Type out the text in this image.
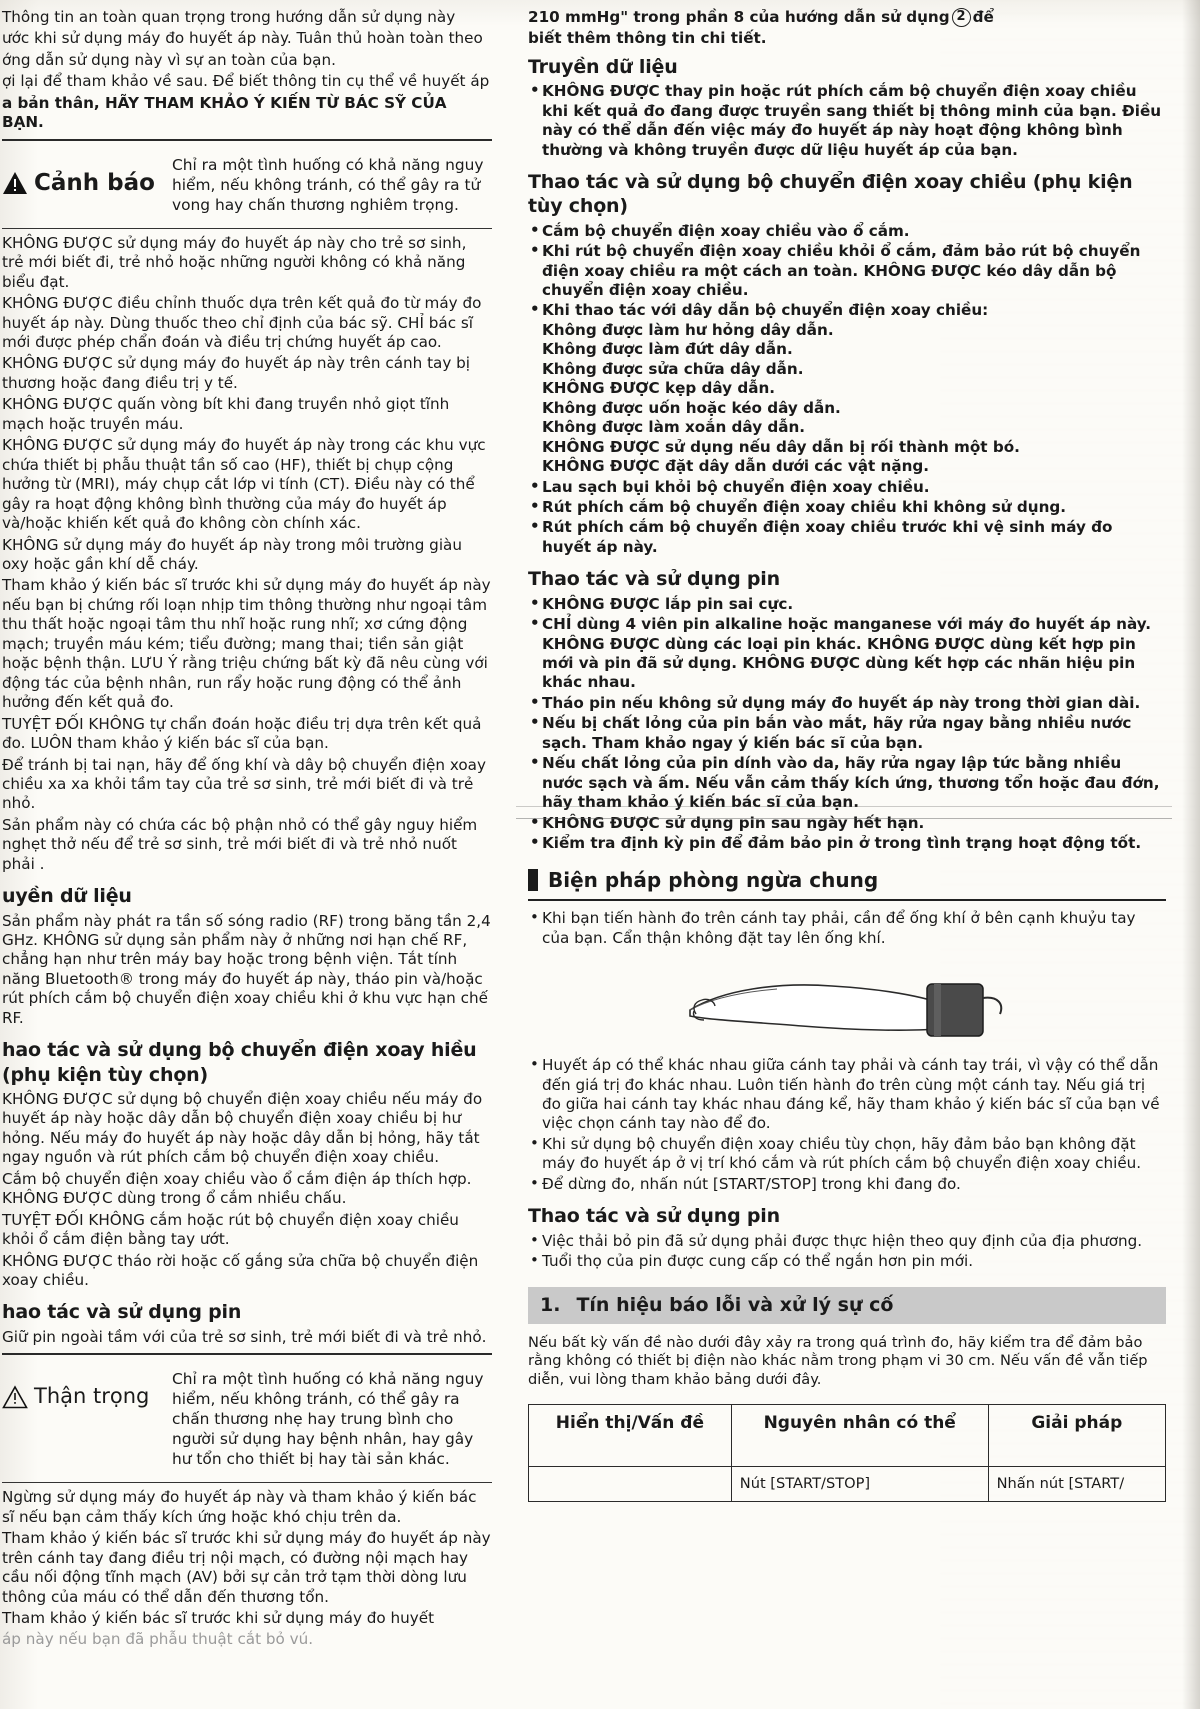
Thông tin an toàn quan trọng trong hướng dẫn sử dụng này

ước khi sử dụng máy đo huyết áp này. Tuân thủ hoàn toàn theo

ớng dẫn sử dụng này vì sự an toàn của bạn.

ợi lại để tham khảo về sau. Để biết thông tin cụ thể về huyết áp

a bản thân, HÃY THAM KHẢO Ý KIẾN TỪ BÁC SỸ CỦA BẠN.

Cảnh báo
Chỉ ra một tình huống có khả năng nguy hiểm, nếu không tránh, có thể gây ra tử vong hay chấn thương nghiêm trọng.

KHÔNG ĐƯỢC sử dụng máy đo huyết áp này cho trẻ sơ sinh, trẻ mới biết đi, trẻ nhỏ hoặc những người không có khả năng biểu đạt.

KHÔNG ĐƯỢC điều chỉnh thuốc dựa trên kết quả đo từ máy đo huyết áp này. Dùng thuốc theo chỉ định của bác sỹ. CHỈ bác sĩ mới được phép chẩn đoán và điều trị chứng huyết áp cao.

KHÔNG ĐƯỢC sử dụng máy đo huyết áp này trên cánh tay bị thương hoặc đang điều trị y tế.

KHÔNG ĐƯỢC quấn vòng bít khi đang truyền nhỏ giọt tĩnh mạch hoặc truyền máu.

KHÔNG ĐƯỢC sử dụng máy đo huyết áp này trong các khu vực chứa thiết bị phẫu thuật tần số cao (HF), thiết bị chụp cộng hưởng từ (MRI), máy chụp cắt lớp vi tính (CT). Điều này có thể gây ra hoạt động không bình thường của máy đo huyết áp và/hoặc khiến kết quả đo không còn chính xác.

KHÔNG sử dụng máy đo huyết áp này trong môi trường giàu oxy hoặc gần khí dễ cháy.

Tham khảo ý kiến bác sĩ trước khi sử dụng máy đo huyết áp này nếu bạn bị chứng rối loạn nhịp tim thông thường như ngoại tâm thu thất hoặc ngoại tâm thu nhĩ hoặc rung nhĩ; xơ cứng động mạch; truyền máu kém; tiểu đường; mang thai; tiền sản giật hoặc bệnh thận. LƯU Ý rằng triệu chứng bất kỳ đã nêu cùng với động tác của bệnh nhân, run rẩy hoặc rung động có thể ảnh hưởng đến kết quả đo.

TUYỆT ĐỐI KHÔNG tự chẩn đoán hoặc điều trị dựa trên kết quả đo. LUÔN tham khảo ý kiến bác sĩ của bạn.

Để tránh bị tai nạn, hãy để ống khí và dây bộ chuyển điện xoay chiều xa xa khỏi tầm tay của trẻ sơ sinh, trẻ mới biết đi và trẻ nhỏ.

Sản phẩm này có chứa các bộ phận nhỏ có thể gây nguy hiểm nghẹt thở nếu để trẻ sơ sinh, trẻ mới biết đi và trẻ nhỏ nuốt phải .

uyền dữ liệu

Sản phẩm này phát ra tần số sóng radio (RF) trong băng tần 2,4 GHz. KHÔNG sử dụng sản phẩm này ở những nơi hạn chế RF, chẳng hạn như trên máy bay hoặc trong bệnh viện. Tắt tính năng Bluetooth® trong máy đo huyết áp này, tháo pin và/hoặc rút phích cắm bộ chuyển điện xoay chiều khi ở khu vực hạn chế RF.

hao tác và sử dụng bộ chuyển điện xoay hiều (phụ kiện tùy chọn)

KHÔNG ĐƯỢC sử dụng bộ chuyển điện xoay chiều nếu máy đo huyết áp này hoặc dây dẫn bộ chuyển điện xoay chiều bị hư hỏng. Nếu máy đo huyết áp này hoặc dây dẫn bị hỏng, hãy tắt ngay nguồn và rút phích cắm bộ chuyển điện xoay chiều.

Cắm bộ chuyển điện xoay chiều vào ổ cắm điện áp thích hợp. KHÔNG ĐƯỢC dùng trong ổ cắm nhiều chấu.

TUYỆT ĐỐI KHÔNG cắm hoặc rút bộ chuyển điện xoay chiều khỏi ổ cắm điện bằng tay ướt.

KHÔNG ĐƯỢC tháo rời hoặc cố gắng sửa chữa bộ chuyển điện xoay chiều.

hao tác và sử dụng pin

Giữ pin ngoài tầm với của trẻ sơ sinh, trẻ mới biết đi và trẻ nhỏ.

Thận trọng
Chỉ ra một tình huống có khả năng nguy hiểm, nếu không tránh, có thể gây ra chấn thương nhẹ hay trung bình cho người sử dụng hay bệnh nhân, hay gây hư tổn cho thiết bị hay tài sản khác.

Ngừng sử dụng máy đo huyết áp này và tham khảo ý kiến bác sĩ nếu bạn cảm thấy kích ứng hoặc khó chịu trên da.

Tham khảo ý kiến bác sĩ trước khi sử dụng máy đo huyết áp này trên cánh tay đang điều trị nội mạch, có đường nội mạch hay cầu nối động tĩnh mạch (AV) bởi sự cản trở tạm thời dòng lưu thông của máu có thể dẫn đến thương tổn.

Tham khảo ý kiến bác sĩ trước khi sử dụng máy đo huyết

áp này nếu bạn đã phẫu thuật cắt bỏ vú.

210 mmHg" trong phần 8 của hướng dẫn sử dụng 2 để

biết thêm thông tin chi tiết.

Truyền dữ liệu
• KHÔNG ĐƯỢC thay pin hoặc rút phích cắm bộ chuyển điện xoay chiều khi kết quả đo đang được truyền sang thiết bị thông minh của bạn. Điều này có thể dẫn đến việc máy đo huyết áp này hoạt động không bình thường và không truyền được dữ liệu huyết áp của bạn.
Thao tác và sử dụng bộ chuyển điện xoay chiều (phụ kiện tùy chọn)
• Cắm bộ chuyển điện xoay chiều vào ổ cắm.
• Khi rút bộ chuyển điện xoay chiều khỏi ổ cắm, đảm bảo rút bộ chuyển điện xoay chiều ra một cách an toàn. KHÔNG ĐƯỢC kéo dây dẫn bộ chuyển điện xoay chiều.
• Khi thao tác với dây dẫn bộ chuyển điện xoay chiều:
Không được làm hư hỏng dây dẫn.
Không được làm đứt dây dẫn.
Không được sửa chữa dây dẫn.
KHÔNG ĐƯỢC kẹp dây dẫn.
Không được uốn hoặc kéo dây dẫn.
Không được làm xoắn dây dẫn.
KHÔNG ĐƯỢC sử dụng nếu dây dẫn bị rối thành một bó.
KHÔNG ĐƯỢC đặt dây dẫn dưới các vật nặng.
• Lau sạch bụi khỏi bộ chuyển điện xoay chiều.
• Rút phích cắm bộ chuyển điện xoay chiều khi không sử dụng.
• Rút phích cắm bộ chuyển điện xoay chiều trước khi vệ sinh máy đo huyết áp này.
Thao tác và sử dụng pin
• KHÔNG ĐƯỢC lắp pin sai cực.
• CHỈ dùng 4 viên pin alkaline hoặc manganese với máy đo huyết áp này. KHÔNG ĐƯỢC dùng các loại pin khác. KHÔNG ĐƯỢC dùng kết hợp pin mới và pin đã sử dụng. KHÔNG ĐƯỢC dùng kết hợp các nhãn hiệu pin khác nhau.
• Tháo pin nếu không sử dụng máy đo huyết áp này trong thời gian dài.
• Nếu bị chất lỏng của pin bắn vào mắt, hãy rửa ngay bằng nhiều nước sạch. Tham khảo ngay ý kiến bác sĩ của bạn.
• Nếu chất lỏng của pin dính vào da, hãy rửa ngay lập tức bằng nhiều nước sạch và ấm. Nếu vẫn cảm thấy kích ứng, thương tổn hoặc đau đớn, hãy tham khảo ý kiến bác sĩ của bạn.
• KHÔNG ĐƯỢC sử dụng pin sau ngày hết hạn.
• Kiểm tra định kỳ pin để đảm bảo pin ở trong tình trạng hoạt động tốt.
Biện pháp phòng ngừa chung
• Khi bạn tiến hành đo trên cánh tay phải, cần để ống khí ở bên cạnh khuỷu tay của bạn. Cẩn thận không đặt tay lên ống khí.
• Huyết áp có thể khác nhau giữa cánh tay phải và cánh tay trái, vì vậy có thể dẫn đến giá trị đo khác nhau. Luôn tiến hành đo trên cùng một cánh tay. Nếu giá trị đo giữa hai cánh tay khác nhau đáng kể, hãy tham khảo ý kiến bác sĩ của bạn về việc chọn cánh tay nào để đo.
• Khi sử dụng bộ chuyển điện xoay chiều tùy chọn, hãy đảm bảo bạn không đặt máy đo huyết áp ở vị trí khó cắm và rút phích cắm bộ chuyển điện xoay chiều.
• Để dừng đo, nhấn nút [START/STOP] trong khi đang đo.
Thao tác và sử dụng pin
• Việc thải bỏ pin đã sử dụng phải được thực hiện theo quy định của địa phương.
• Tuổi thọ của pin được cung cấp có thể ngắn hơn pin mới.
1. Tín hiệu báo lỗi và xử lý sự cố

Nếu bất kỳ vấn đề nào dưới đây xảy ra trong quá trình đo, hãy kiểm tra để đảm bảo rằng không có thiết bị điện nào khác nằm trong phạm vi 30 cm. Nếu vấn đề vẫn tiếp diễn, vui lòng tham khảo bảng dưới đây.

Hiển thị/Vấn đề	Nguyên nhân có thể	Giải pháp
	Nút [START/STOP]	Nhấn nút [START/
